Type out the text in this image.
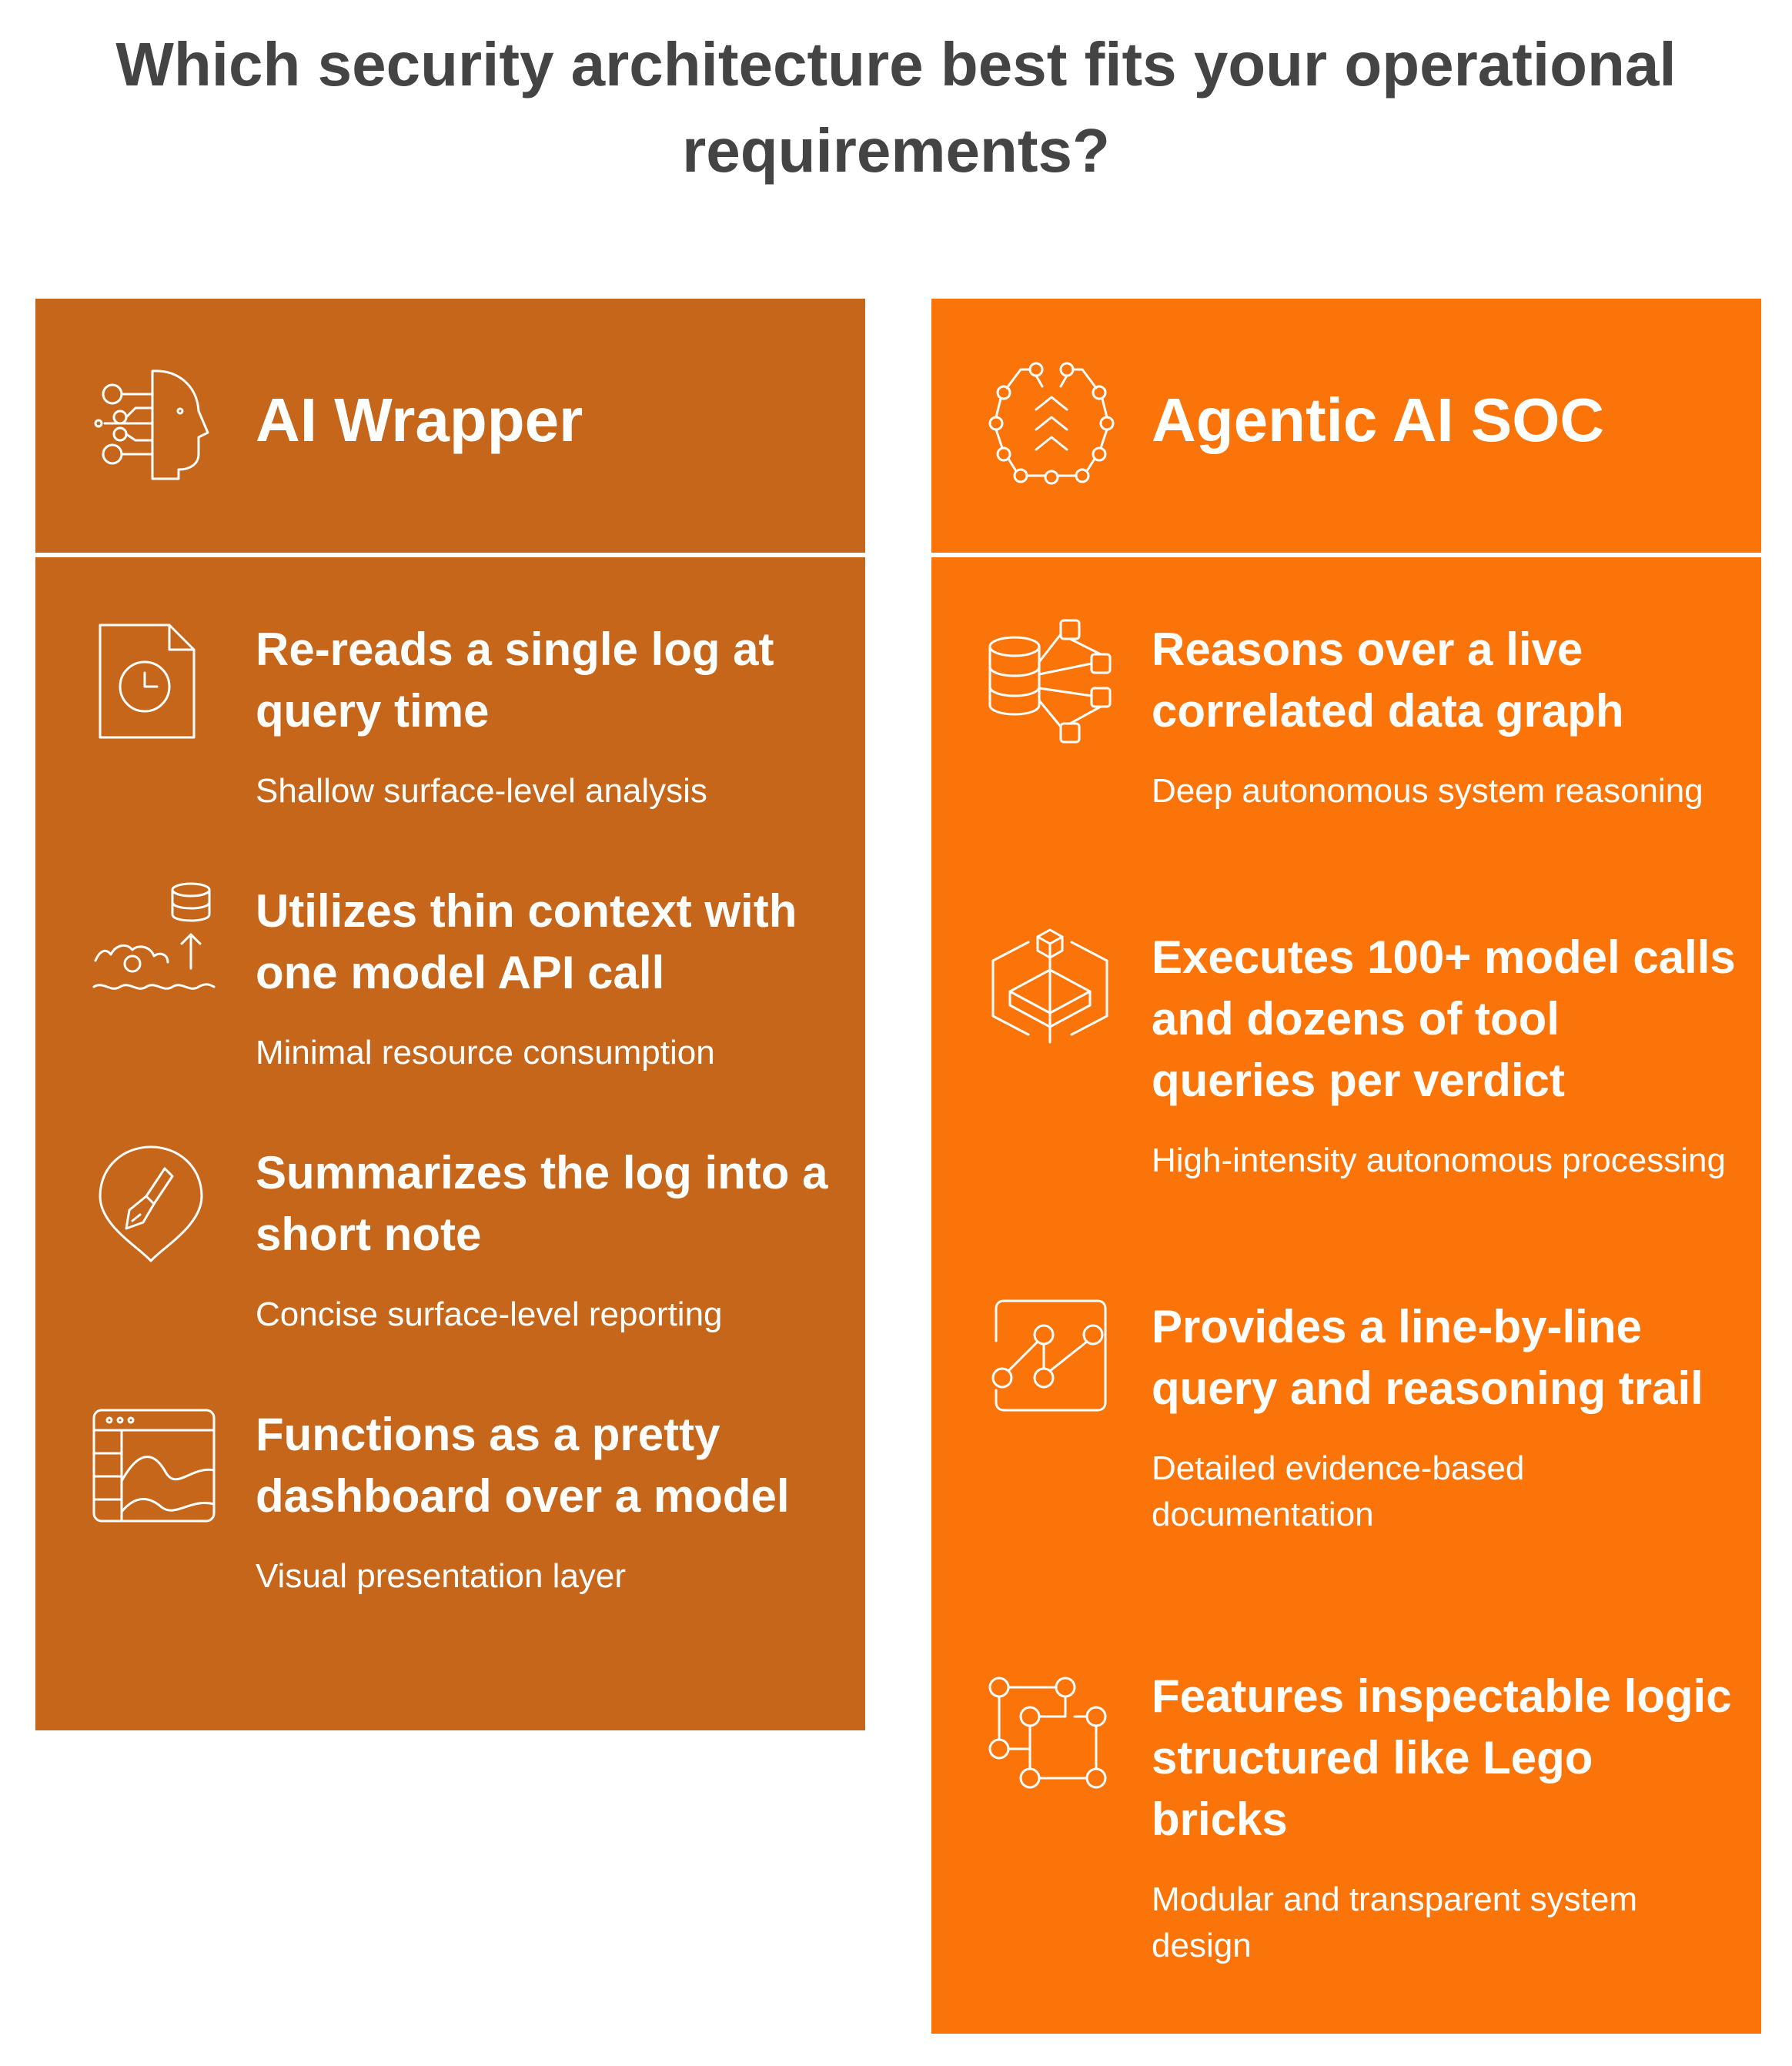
Which security architecture best fits your operational requirements?
AI Wrapper

Re-reads a single log at query time

Shallow surface-level analysis

Utilizes thin context with one model API call

Minimal resource consumption

Summarizes the log into a short note

Concise surface-level reporting

Functions as a pretty dashboard over a model

Visual presentation layer

Agentic AI SOC

Reasons over a live correlated data graph

Deep autonomous system reasoning

Executes 100+ model calls and dozens of tool queries per verdict

High-intensity autonomous processing

Provides a line-by-line query and reasoning trail

Detailed evidence-based documentation

Features inspectable logic structured like Lego bricks

Modular and transparent system design
